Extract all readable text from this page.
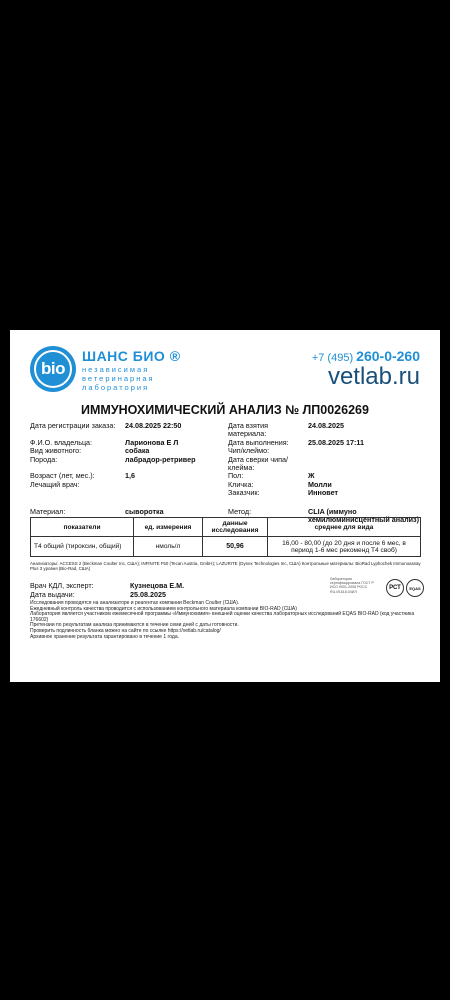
bio
ШАНС БИО ®
независимая ветеринарная лаборатория
+7 (495) 260-0-260
vetlab.ru
ИММУНОХИМИЧЕСКИЙ АНАЛИЗ № ЛП0026269
Дата регистрации заказа:	24.08.2025 22:50	Дата взятия материала:
24.08.2025
Ф.И.О. владельца:	Ларионова Е Л	Дата выполнения:	25.08.2025 17:11
Вид животного:	собака	Чип/клеймо:
Порода:	лабрадор-ретривер	Дата сверки чипа/клейма:
Возраст (лет, мес.):	1,6	Пол:	Ж
Лечащий врач:	Кличка:	Молли
Заказчик:	Инновет
Материал:	сыворотка	Метод:	CLIA (иммуно хемилюминисцентный анализ)
показатели	ед. измерения	данные исследования	среднее для вида
Т4 общий (тироксин, общий)	нмоль/л	50,96	16,00 - 80,00 (до 20 дня и после 6 мес, в период 1-6 мес рекоменд Т4 своб)
Анализаторы: ACCESS 2 (Beckman Coulter Inc, США); INFINITE F50 (Tecan Austria, GmbH); LAZURITE (Dynex Technologies Inc, США) Контрольные материалы: BioRad Lyphochek Immunoassay Plus 3 уровня (Bio-Rad, США)
Врач КДЛ, эксперт:	Кузнецова Е.М.
Дата выдачи:	25.08.2025
Лаборатория сертифицирована ГОСТ Р ИСО 9001-2008 РОСС RU.И1618.04ИЛ
РСТ	EQAS
Исследования проводятся на анализаторе и реагентах компании Beckman Coulter (США).
Ежедневный контроль качества проводится с использованием контрольного материала компании BIO-RAD (США)
Лаборатория является участником ежемесячной программы «Иммунохимия» внешней оценки качества лабораторных исследований EQAS BIO-RAD (код участника 176602)
Претензии по результатам анализа принимаются в течение семи дней с даты готовности.
Проверить подлинность бланка можно на сайте по ссылке https://vetlab.ru/catalog/
Архивное хранение результата гарантировано в течение 1 года.
